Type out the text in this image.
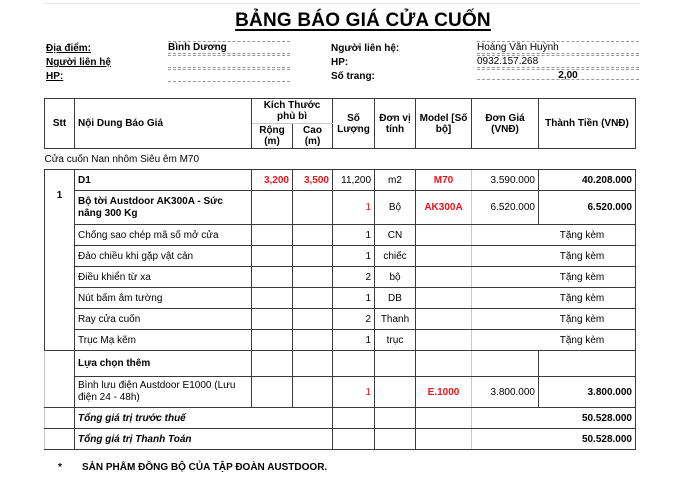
BẢNG BÁO GIÁ CỬA CUỐN
Địa điểm:	Bình Dương
Người liên hệ
HP:
Người liên hệ:	Hoàng Văn Huỳnh
HP:	0932.157.268
Số trang:	2,00
Stt	Nội Dung Báo Giá	Kích Thước phủ bì		Số Lượng	Đơn vị tính	Model [Số bộ]	Đơn Giá (VNĐ)	Thành Tiền (VNĐ)
		Rộng (m)	Cao (m)					
Cửa cuốn Nan nhôm Siêu êm M70								
1	D1	3,200	3,500	11,200	m2	M70	3.590.000	40.208.000
	Bộ tời Austdoor AK300A - Sức nâng 300 Kg			1	Bộ	AK300A	6.520.000	6.520.000
	Chống sao chép mã số mở cửa			1	CN		Tặng kèm	
	Đảo chiều khi gặp vật cản			1	chiếc		Tặng kèm	
	Điều khiển từ xa			2	bộ		Tặng kèm	
	Nút bấm âm tường			1	DB		Tặng kèm	
	Ray cửa cuốn			2	Thanh		Tặng kèm	
	Trục Mạ kẽm			1	trục		Tặng kèm	
	Lựa chọn thêm							
	Bình lưu điện Austdoor E1000 (Lưu điện 24 - 48h)			1		E.1000	3.800.000	3.800.000
	Tổng giá trị trước thuế						50.528.000	
	Tổng giá trị Thanh Toán						50.528.000	
* SẢN PHẨM ĐỒNG BỘ CỦA TẬP ĐOÀN AUSTDOOR.
